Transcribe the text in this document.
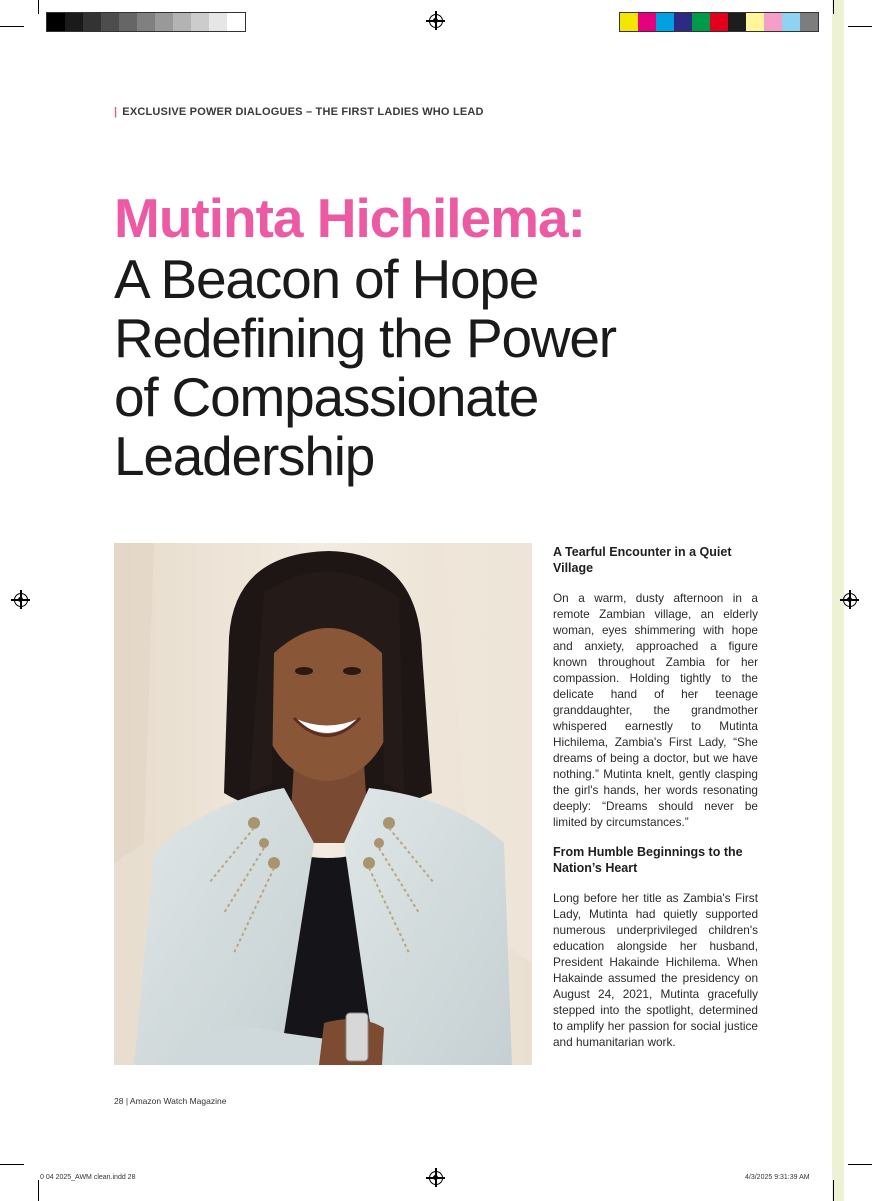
| EXCLUSIVE POWER DIALOGUES – THE FIRST LADIES WHO LEAD
Mutinta Hichilema:
A Beacon of Hope
Redefining the Power
of Compassionate
Leadership
A Tearful Encounter in a Quiet Village

On a warm, dusty afternoon in a remote Zambian village, an elderly woman, eyes shimmering with hope and anxiety, approached a figure known throughout Zambia for her compassion. Holding tightly to the delicate hand of her teenage granddaughter, the grandmother whispered earnestly to Mutinta Hichilema, Zambia's First Lady, “She dreams of being a doctor, but we have nothing.” Mutinta knelt, gently clasping the girl's hands, her words resonating deeply: “Dreams should never be limited by circumstances.”

From Humble Beginnings to the Nation’s Heart

Long before her title as Zambia's First Lady, Mutinta had quietly supported numerous underprivileged children's education alongside her husband, President Hakainde Hichilema. When Hakainde assumed the presidency on August 24, 2021, Mutinta gracefully stepped into the spotlight, determined to amplify her passion for social justice and humanitarian work.

28 | Amazon Watch Magazine
0 04 2025_AWM clean.indd 28	4/3/2025 9:31:39 AM
